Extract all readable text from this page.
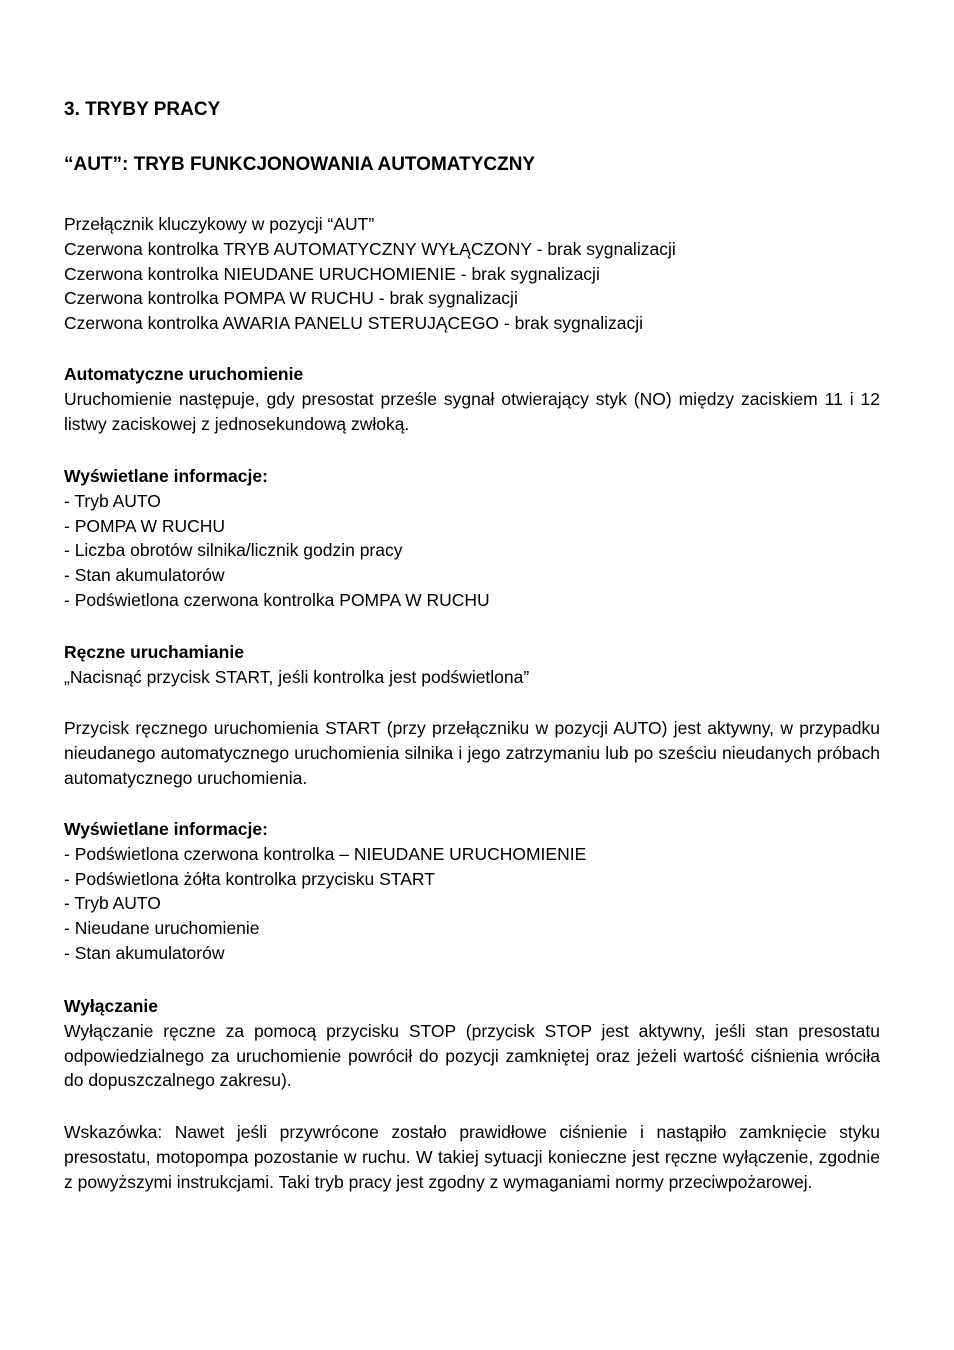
3. TRYBY PRACY
“AUT”: TRYB FUNKCJONOWANIA AUTOMATYCZNY
Przełącznik kluczykowy w pozycji “AUT”
Czerwona kontrolka TRYB AUTOMATYCZNY WYŁĄCZONY - brak sygnalizacji
Czerwona kontrolka NIEUDANE URUCHOMIENIE - brak sygnalizacji
Czerwona kontrolka POMPA W RUCHU - brak sygnalizacji
Czerwona kontrolka AWARIA PANELU STERUJĄCEGO - brak sygnalizacji
Automatyczne uruchomienie
Uruchomienie następuje, gdy presostat prześle sygnał otwierający styk (NO) między zaciskiem 11 i 12 listwy zaciskowej z jednosekundową zwłoką.
Wyświetlane informacje:
- Tryb AUTO
- POMPA W RUCHU
- Liczba obrotów silnika/licznik godzin pracy
- Stan akumulatorów
- Podświetlona czerwona kontrolka POMPA W RUCHU
Ręczne uruchamianie
„Nacisnąć przycisk START, jeśli kontrolka jest podświetlona”
Przycisk ręcznego uruchomienia START (przy przełączniku w pozycji AUTO) jest aktywny, w przypadku nieudanego automatycznego uruchomienia silnika i jego zatrzymaniu lub po sześciu nieudanych próbach automatycznego uruchomienia.
Wyświetlane informacje:
- Podświetlona czerwona kontrolka – NIEUDANE URUCHOMIENIE
- Podświetlona żółta kontrolka przycisku START
- Tryb AUTO
- Nieudane uruchomienie
- Stan akumulatorów
Wyłączanie
Wyłączanie ręczne za pomocą przycisku STOP (przycisk STOP jest aktywny, jeśli stan presostatu odpowiedzialnego za uruchomienie powrócił do pozycji zamkniętej oraz jeżeli wartość ciśnienia wróciła do dopuszczalnego zakresu).
Wskazówka: Nawet jeśli przywrócone zostało prawidłowe ciśnienie i nastąpiło zamknięcie styku presostatu, motopompa pozostanie w ruchu. W takiej sytuacji konieczne jest ręczne wyłączenie, zgodnie z powyższymi instrukcjami. Taki tryb pracy jest zgodny z wymaganiami normy przeciwpożarowej.
